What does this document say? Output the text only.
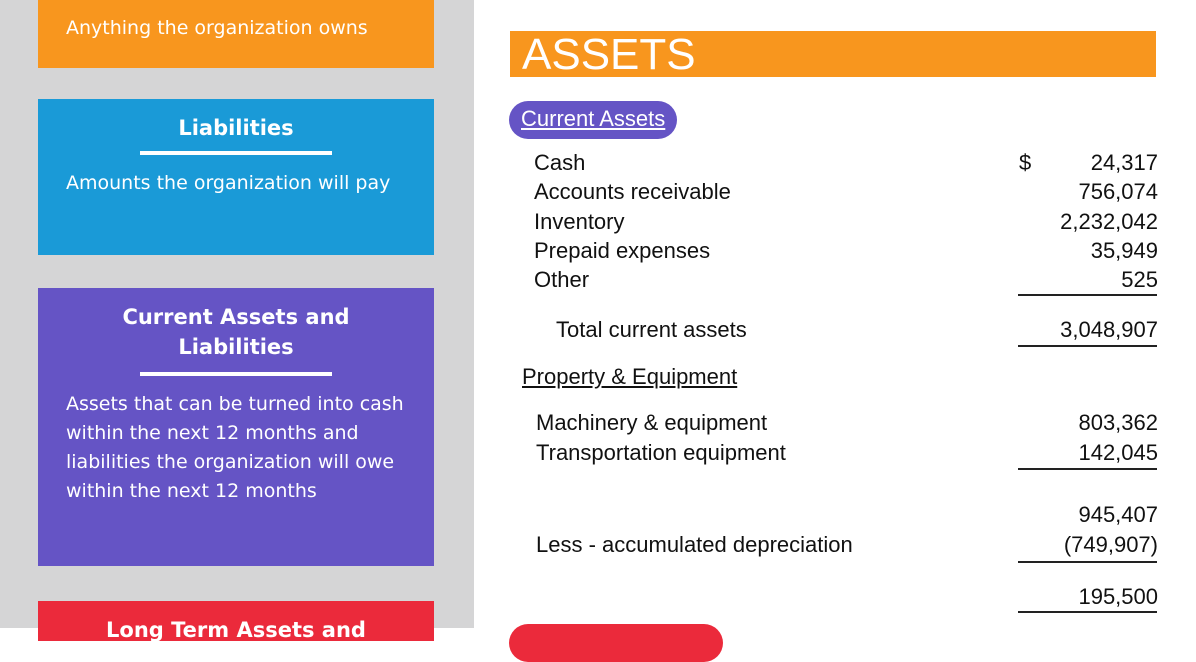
Anything the organization owns
Liabilities
Amounts the organization will pay
Current Assets and Liabilities
Assets that can be turned into cash within the next 12 months and liabilities the organization will owe within the next 12 months
Long Term Assets and
ASSETS
Current Assets
Cash	$	24,317
Accounts receivable	756,074
Inventory	2,232,042
Prepaid expenses	35,949
Other	525
Total current assets	3,048,907
Property & Equipment
Machinery & equipment	803,362
Transportation equipment	142,045
945,407
Less - accumulated depreciation	(749,907)
195,500
